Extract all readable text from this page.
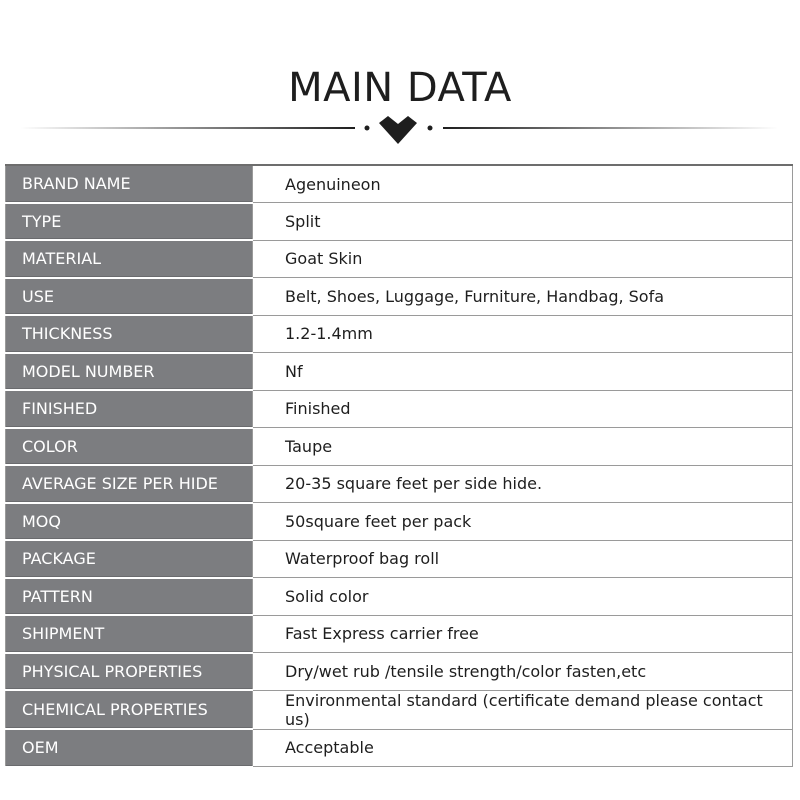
MAIN DATA
BRAND NAME	Agenuineon
TYPE	Split
MATERIAL	Goat Skin
USE	Belt, Shoes, Luggage, Furniture, Handbag, Sofa
THICKNESS	1.2-1.4mm
MODEL NUMBER	Nf
FINISHED	Finished
COLOR	Taupe
AVERAGE SIZE PER HIDE	20-35 square feet per side hide.
MOQ	50square feet per pack
PACKAGE	Waterproof bag roll
PATTERN	Solid color
SHIPMENT	Fast Express carrier free
PHYSICAL PROPERTIES	Dry/wet rub /tensile strength/color fasten,etc
CHEMICAL PROPERTIES	Environmental standard (certificate demand please contact us)
OEM	Acceptable
